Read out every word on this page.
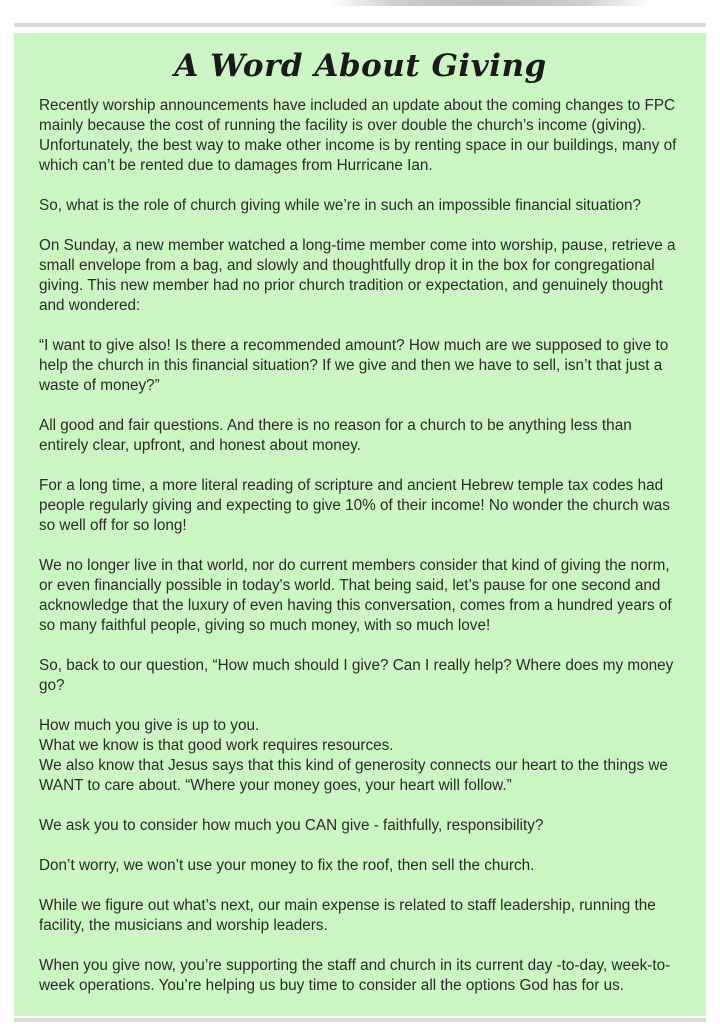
A Word About Giving

Recently worship announcements have included an update about the coming changes to FPC mainly because the cost of running the facility is over double the church’s income (giving). Unfortunately, the best way to make other income is by renting space in our buildings, many of which can’t be rented due to damages from Hurricane Ian.

So, what is the role of church giving while we’re in such an impossible financial situation?

On Sunday, a new member watched a long-time member come into worship, pause, retrieve a small envelope from a bag, and slowly and thoughtfully drop it in the box for congregational giving. This new member had no prior church tradition or expectation, and genuinely thought and wondered:

“I want to give also! Is there a recommended amount? How much are we supposed to give to help the church in this financial situation? If we give and then we have to sell, isn’t that just a waste of money?”

All good and fair questions. And there is no reason for a church to be anything less than entirely clear, upfront, and honest about money.

For a long time, a more literal reading of scripture and ancient Hebrew temple tax codes had people regularly giving and expecting to give 10% of their income! No wonder the church was so well off for so long!

We no longer live in that world, nor do current members consider that kind of giving the norm, or even financially possible in today's world. That being said, let’s pause for one second and acknowledge that the luxury of even having this conversation, comes from a hundred years of so many faithful people, giving so much money, with so much love!

So, back to our question, “How much should I give? Can I really help? Where does my money go?

How much you give is up to you.

What we know is that good work requires resources.

We also know that Jesus says that this kind of generosity connects our heart to the things we WANT to care about. “Where your money goes, your heart will follow.”

We ask you to consider how much you CAN give - faithfully, responsibility?

Don’t worry, we won’t use your money to fix the roof, then sell the church.

While we figure out what’s next, our main expense is related to staff leadership, running the facility, the musicians and worship leaders.

When you give now, you’re supporting the staff and church in its current day -to-day, week-to-week operations. You’re helping us buy time to consider all the options God has for us.
